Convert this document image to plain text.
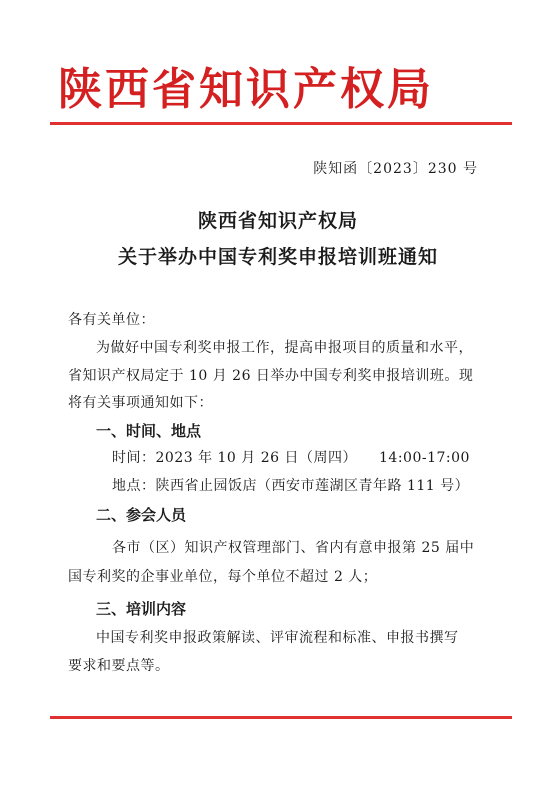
陕西省知识产权局
陕知函〔2023〕230 号
陕西省知识产权局
关于举办中国专利奖申报培训班通知
各有关单位：
为做好中国专利奖申报工作，提高申报项目的质量和水平，
省知识产权局定于 10 月 26 日举办中国专利奖申报培训班。现
将有关事项通知如下：
一、时间、地点
时间：2023 年 10 月 26 日（周四）　　14:00-17:00
地点：陕西省止园饭店（西安市莲湖区青年路 111 号）
二、参会人员
各市（区）知识产权管理部门、省内有意申报第 25 届中
国专利奖的企事业单位，每个单位不超过 2 人；
三、培训内容
中国专利奖申报政策解读、评审流程和标准、申报书撰写
要求和要点等。
